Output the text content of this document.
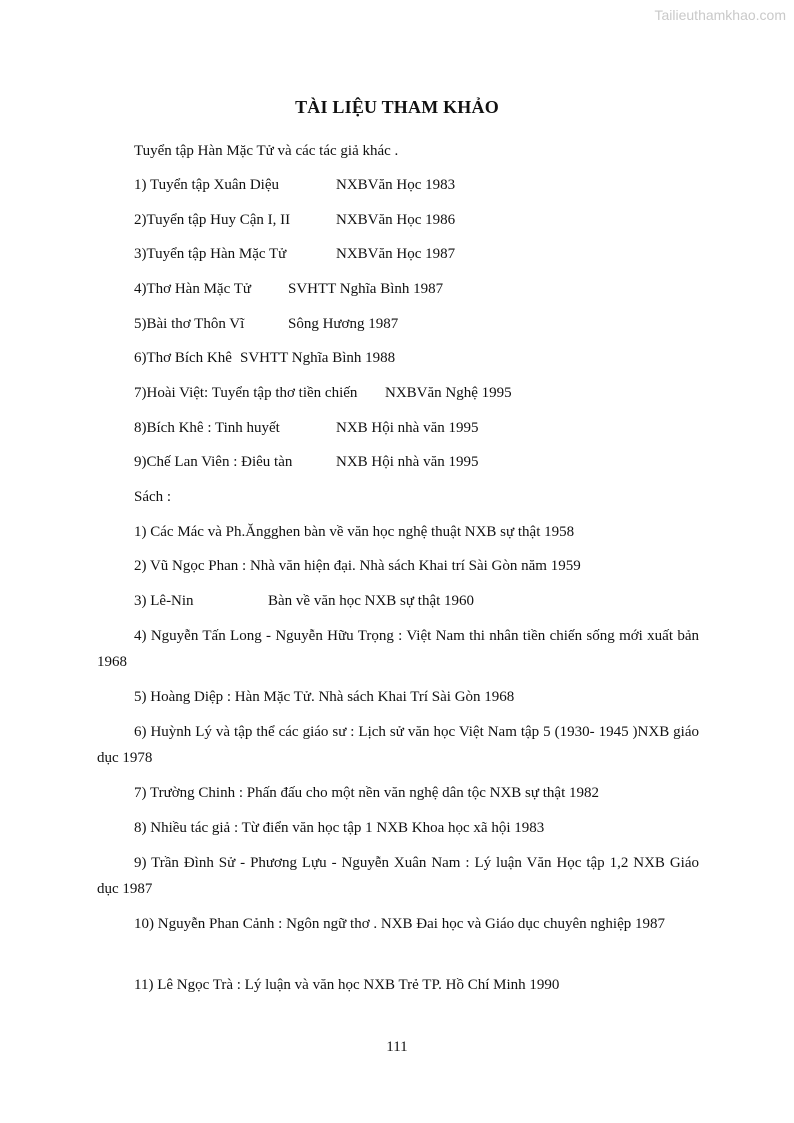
Tailieuthamkhao.com
TÀI LIỆU THAM KHẢO
Tuyển tập Hàn Mặc Tử và các tác giả khác .
1) Tuyển tập Xuân Diệu	NXBVăn Học 1983
2)Tuyển tập Huy Cận I, II	NXBVăn Học 1986
3)Tuyển tập Hàn Mặc Tử	NXBVăn Học 1987
4)Thơ Hàn Mặc Tử SVHTT Nghĩa Bình 1987
5)Bài thơ Thôn Vĩ	Sông Hương 1987
6)Thơ Bích Khê SVHTT Nghĩa Bình 1988
7)Hoài Việt: Tuyển tập thơ tiền chiến NXBVăn Nghệ 1995
8)Bích Khê : Tinh huyết	NXB Hội nhà văn 1995
9)Chế Lan Viên : Điêu tàn	NXB Hội nhà văn 1995
Sách :
1) Các Mác và Ph.Ăngghen bàn về văn học nghệ thuật NXB sự thật 1958
2) Vũ Ngọc Phan : Nhà văn hiện đại. Nhà sách Khai trí Sài Gòn năm 1959
3) Lê-Nin	Bàn về văn học NXB sự thật 1960
4) Nguyễn Tấn Long - Nguyễn Hữu Trọng : Việt Nam thi nhân tiền chiến sống mới xuất bản 1968
5) Hoàng Diệp : Hàn Mặc Tử. Nhà sách Khai Trí Sài Gòn 1968
6) Huỳnh Lý và tập thể các giáo sư : Lịch sử văn học Việt Nam tập 5 (1930- 1945 )NXB giáo dục 1978
7) Trường Chinh : Phấn đấu cho một nền văn nghệ dân tộc NXB sự thật 1982
8) Nhiều tác giả : Từ điển văn học tập 1 NXB Khoa học xã hội 1983
9) Trần Đình Sử - Phương Lựu - Nguyễn Xuân Nam : Lý luận Văn Học tập 1,2 NXB Giáo dục 1987
10) Nguyễn Phan Cảnh : Ngôn ngữ thơ . NXB Đai học và Giáo dục chuyên nghiệp 1987
11) Lê Ngọc Trà : Lý luận và văn học NXB Trẻ TP. Hồ Chí Minh 1990
111
